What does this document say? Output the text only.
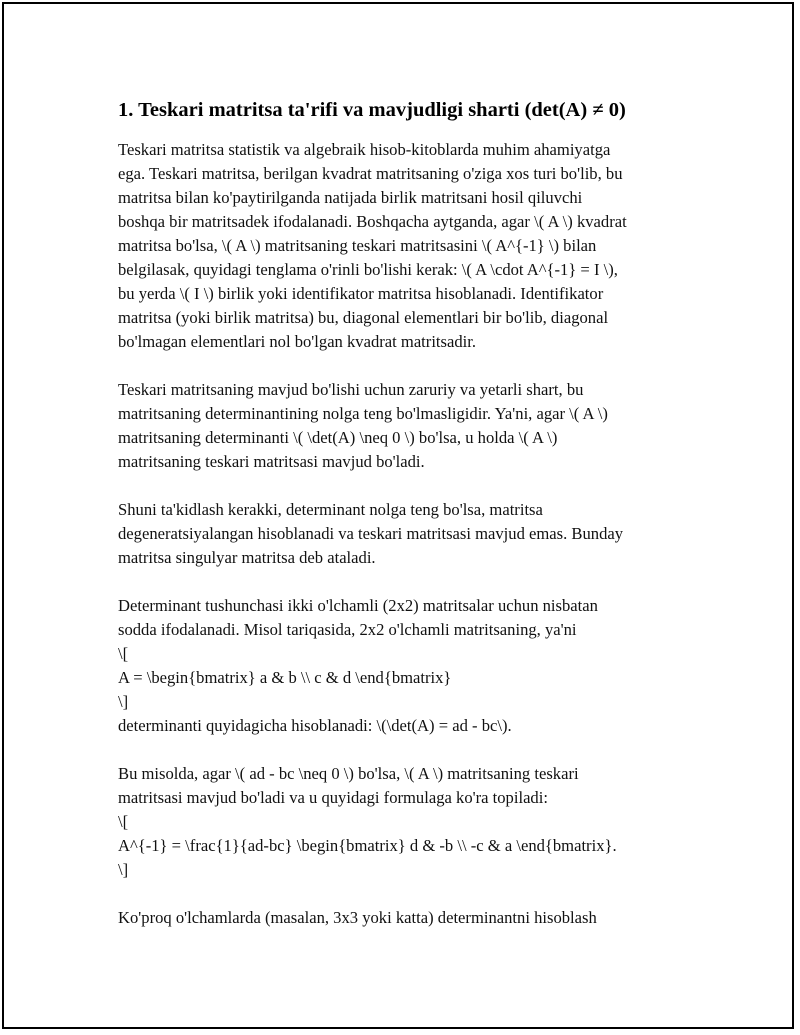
1. Teskari matritsa ta'rifi va mavjudligi sharti (det(A) ≠ 0)
Teskari matritsa statistik va algebraik hisob-kitoblarda muhim ahamiyatga
ega. Teskari matritsa, berilgan kvadrat matritsaning o'ziga xos turi bo'lib, bu
matritsa bilan ko'paytirilganda natijada birlik matritsani hosil qiluvchi
boshqa bir matritsadek ifodalanadi. Boshqacha aytganda, agar \( A \) kvadrat
matritsa bo'lsa, \( A \) matritsaning teskari matritsasini \( A^{-1} \) bilan
belgilasak, quyidagi tenglama o'rinli bo'lishi kerak: \( A \cdot A^{-1} = I \),
bu yerda \( I \) birlik yoki identifikator matritsa hisoblanadi. Identifikator
matritsa (yoki birlik matritsa) bu, diagonal elementlari bir bo'lib, diagonal
bo'lmagan elementlari nol bo'lgan kvadrat matritsadir.
Teskari matritsaning mavjud bo'lishi uchun zaruriy va yetarli shart, bu
matritsaning determinantining nolga teng bo'lmasligidir. Ya'ni, agar \( A \)
matritsaning determinanti \( \det(A) \neq 0 \) bo'lsa, u holda \( A \)
matritsaning teskari matritsasi mavjud bo'ladi.
Shuni ta'kidlash kerakki, determinant nolga teng bo'lsa, matritsa
degeneratsiyalangan hisoblanadi va teskari matritsasi mavjud emas. Bunday
matritsa singulyar matritsa deb ataladi.
Determinant tushunchasi ikki o'lchamli (2x2) matritsalar uchun nisbatan
sodda ifodalanadi. Misol tariqasida, 2x2 o'lchamli matritsaning, ya'ni
\[
A = \begin{bmatrix} a & b \\ c & d \end{bmatrix}
\]
determinanti quyidagicha hisoblanadi: \(\det(A) = ad - bc\).
Bu misolda, agar \( ad - bc \neq 0 \) bo'lsa, \( A \) matritsaning teskari
matritsasi mavjud bo'ladi va u quyidagi formulaga ko'ra topiladi:
\[
A^{-1} = \frac{1}{ad-bc} \begin{bmatrix} d & -b \\ -c & a \end{bmatrix}.
\]
Ko'proq o'lchamlarda (masalan, 3x3 yoki katta) determinantni hisoblash
